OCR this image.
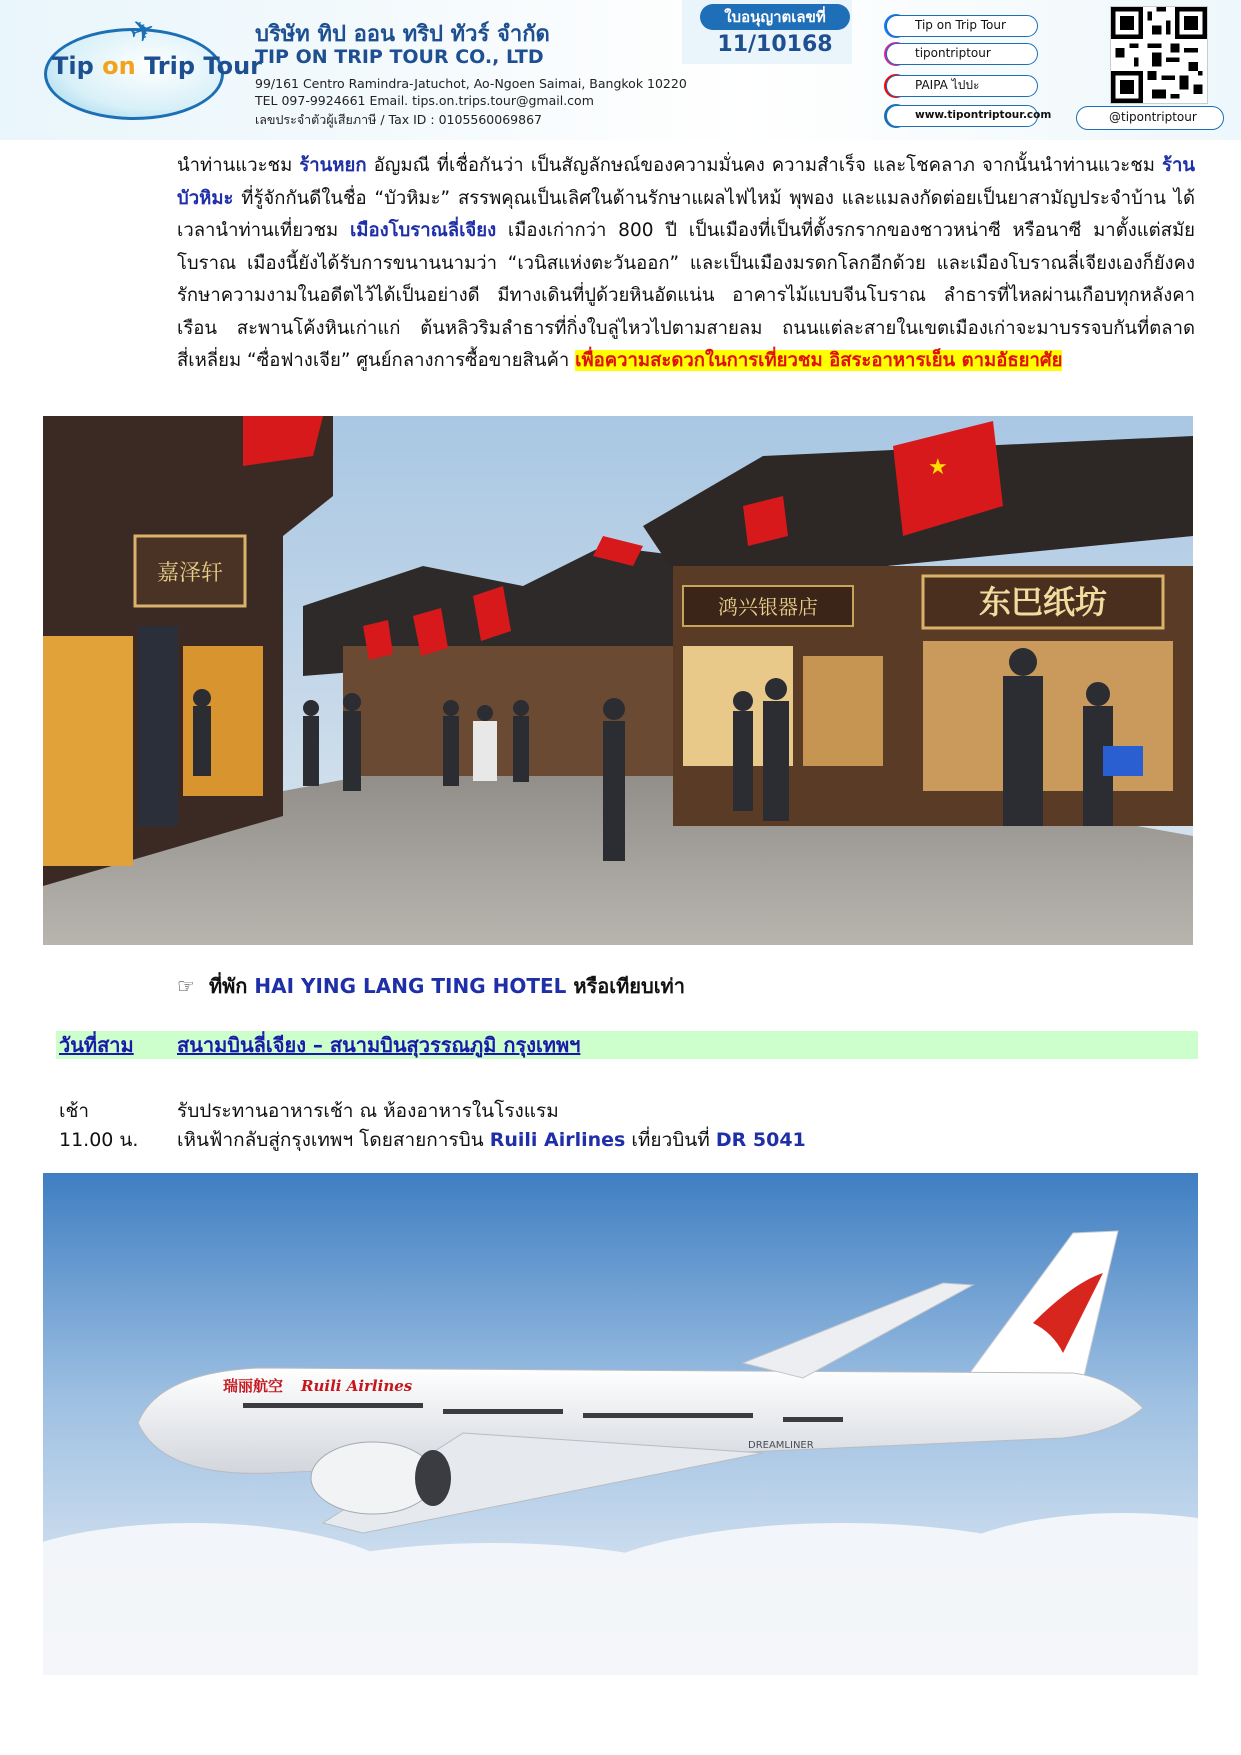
✈
Tip on Trip Tour
บริษัท ทิป ออน ทริป ทัวร์ จำกัด
TIP ON TRIP TOUR CO., LTD
99/161 Centro Ramindra-Jatuchot, Ao-Ngoen Saimai, Bangkok 10220
TEL 097-9924661 Email. tips.on.trips.tour@gmail.com
เลขประจำตัวผู้เสียภาษี / Tax ID : 0105560069867
ใบอนุญาตเลขที่
11/10168
Tip on Trip Tour
tipontriptour
PAIPA ไปปะ
www.tipontriptour.com	@tipontriptour
นำท่านแวะชม ร้านหยก อัญมณี ที่เชื่อกันว่า เป็นสัญลักษณ์ของความมั่นคง ความสำเร็จ และโชคลาภ จากนั้นนำท่านแวะชม ร้านบัวหิมะ ที่รู้จักกันดีในชื่อ “บัวหิมะ” สรรพคุณเป็นเลิศในด้านรักษาแผลไฟไหม้ พุพอง และแมลงกัดต่อยเป็นยาสามัญประจำบ้าน ได้เวลานำท่านเที่ยวชม เมืองโบราณลี่เจียง เมืองเก่ากว่า 800 ปี เป็นเมืองที่เป็นที่ตั้งรกรากของชาวหน่าซี หรือนาซี มาตั้งแต่สมัยโบราณ เมืองนี้ยังได้รับการขนานนามว่า “เวนิสแห่งตะวันออก” และเป็นเมืองมรดกโลกอีกด้วย และเมืองโบราณลี่เจียงเองก็ยังคงรักษาความงามในอดีตไว้ได้เป็นอย่างดี มีทางเดินที่ปูด้วยหินอัดแน่น อาคารไม้แบบจีนโบราณ ลำธารที่ไหลผ่านเกือบทุกหลังคาเรือน สะพานโค้งหินเก่าแก่ ต้นหลิวริมลำธารที่กิ่งใบลู่ไหวไปตามสายลม ถนนแต่ละสายในเขตเมืองเก่าจะมาบรรจบกันที่ตลาดสี่เหลี่ยม “ซื่อฟางเจีย” ศูนย์กลางการซื้อขายสินค้า เพื่อความสะดวกในการเที่ยวชม อิสระอาหารเย็น ตามอัธยาศัย
嘉泽轩
鸿兴银器店	东巴纸坊
★
☞ ที่พัก HAI YING LANG TING HOTEL หรือเทียบเท่า
วันที่สาม สนามบินลี่เจียง – สนามบินสุวรรณภูมิ กรุงเทพฯ
เช้า	รับประทานอาหารเช้า ณ ห้องอาหารในโรงแรม
11.00 น. เหินฟ้ากลับสู่กรุงเทพฯ โดยสายการบิน Ruili Airlines เที่ยวบินที่ DR 5041
瑞丽航空 Ruili Airlines
DREAMLINER
